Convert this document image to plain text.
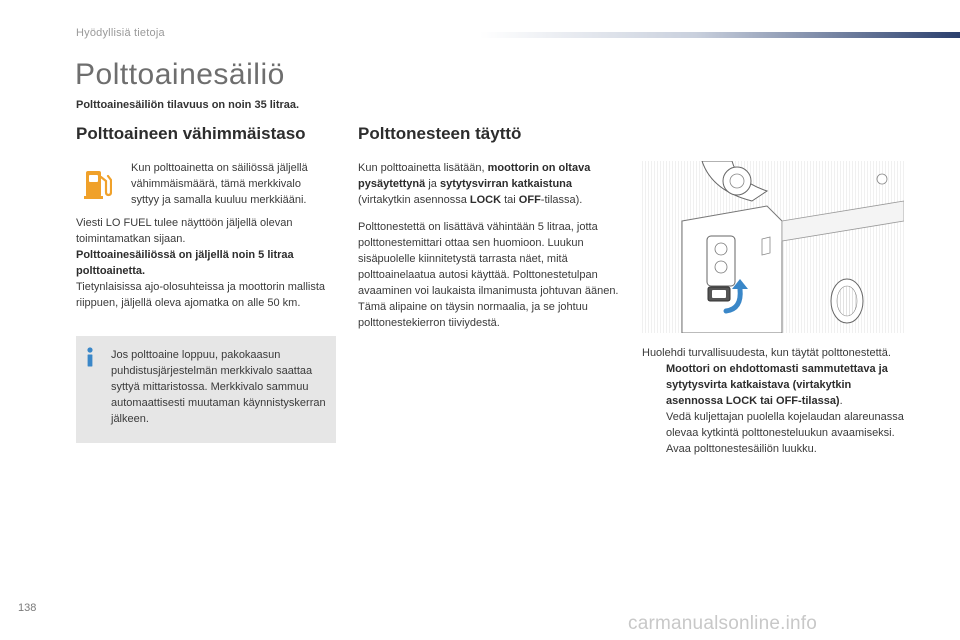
Hyödyllisiä tietoja
Polttoainesäiliö
Polttoainesäiliön tilavuus on noin 35 litraa.
Polttoaineen vähimmäistaso	Polttonesteen täyttö
Kun polttoainetta on säiliössä jäljellä vähimmäismäärä, tämä merkkivalo syttyy ja samalla kuuluu merkkiääni.
Viesti LO FUEL tulee näyttöön jäljellä olevan toimintamatkan sijaan.
Polttoainesäiliössä on jäljellä noin 5 litraa polttoainetta.
Tietynlaisissa ajo-olosuhteissa ja moottorin mallista riippuen, jäljellä oleva ajomatka on alle 50 km.
Jos polttoaine loppuu, pakokaasun puhdistusjärjestelmän merkkivalo saattaa syttyä mittaristossa. Merkkivalo sammuu automaattisesti muutaman käynnistyskerran jälkeen.
Kun polttoainetta lisätään, moottorin on oltava pysäytettynä ja sytytysvirran katkaistuna (virtakytkin asennossa LOCK tai OFF-tilassa).
Polttonestettä on lisättävä vähintään 5 litraa, jotta polttonestemittari ottaa sen huomioon. Luukun sisäpuolelle kiinnitetystä tarrasta näet, mitä polttoainelaatua autosi käyttää. Polttonestetulpan avaaminen voi laukaista ilmanimusta johtuvan äänen. Tämä alipaine on täysin normaalia, ja se johtuu polttonestekierron tiiviydestä.
Huolehdi turvallisuudesta, kun täytät polttonestettä.
Moottori on ehdottomasti sammutettava ja sytytysvirta katkaistava (virtakytkin asennossa LOCK tai OFF-tilassa).
Vedä kuljettajan puolella kojelaudan alareunassa olevaa kytkintä polttonesteluukun avaamiseksi.
Avaa polttonestesäiliön luukku.
138
carmanualsonline.info
